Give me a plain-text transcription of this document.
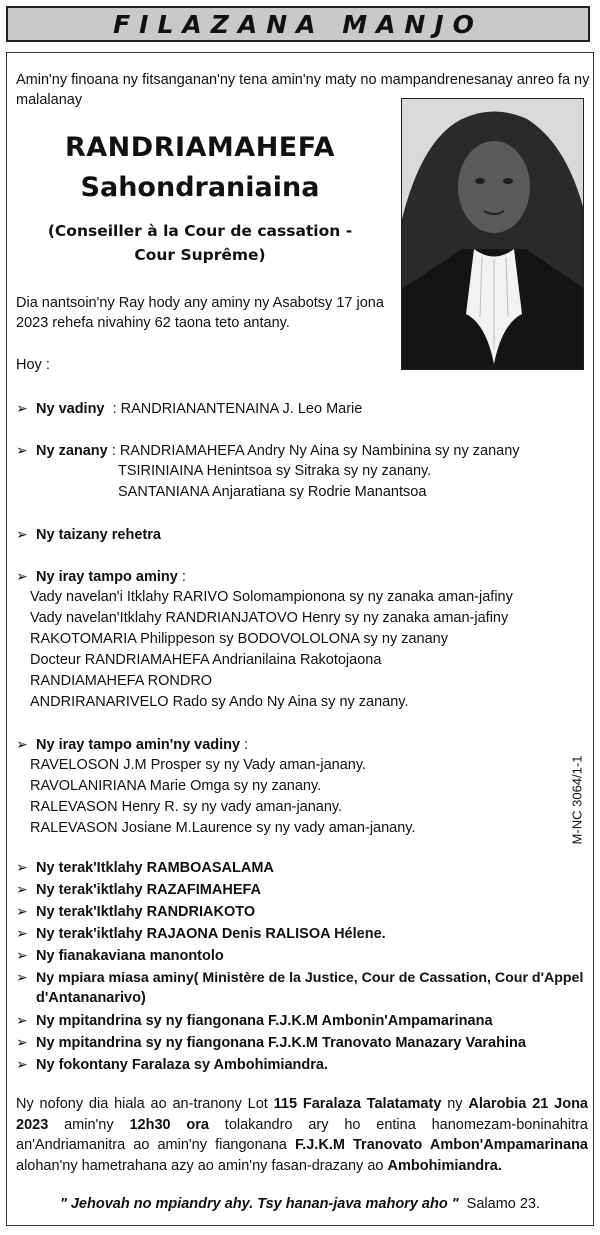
FILAZANA MANJO
Amin'ny finoana ny fitsanganan'ny tena amin'ny maty no mampandrenesanay anreo fa ny malalanay
RANDRIAMAHEFA
Sahondraniaina
(Conseiller à la Cour de cassation -
Cour Suprême)
Dia nantsoin'ny Ray hody any aminy ny Asabotsy 17 jona 2023 rehefa nivahiny 62 taona teto antany.
Hoy :
➢ Ny vadiny : RANDRIANANTENAINA J. Leo Marie
➢ Ny zanany : RANDRIAMAHEFA Andry Ny Aina sy Nambinina sy ny zanany
TSIRINIAINA Henintsoa sy Sitraka sy ny zanany.
SANTANIANA Anjaratiana sy Rodrie Manantsoa
➢ Ny taizany rehetra
➢ Ny iray tampo aminy :
Vady navelan'i Itklahy RARIVO Solomampionona sy ny zanaka aman-jafiny
Vady navelan'Itklahy RANDRIANJATOVO Henry sy ny zanaka aman-jafiny
RAKOTOMARIA Philippeson sy BODOVOLOLONA sy ny zanany
Docteur RANDRIAMAHEFA Andrianilaina Rakotojaona
RANDIAMAHEFA RONDRO
ANDRIRANARIVELO Rado sy Ando Ny Aina sy ny zanany.
➢ Ny iray tampo amin'ny vadiny :
RAVELOSON J.M Prosper sy ny Vady aman-janany.
RAVOLANIRIANA Marie Omga sy ny zanany.
RALEVASON Henry R. sy ny vady aman-janany.
RALEVASON Josiane M.Laurence sy ny vady aman-janany.	M-NC 3064/1-1
➢ Ny terak'Itklahy RAMBOASALAMA
➢ Ny terak'iktlahy RAZAFIMAHEFA
➢ Ny terak'Iktlahy RANDRIAKOTO
➢ Ny terak'iktlahy RAJAONA Denis RALISOA Hélene.
➢ Ny fianakaviana manontolo
➢ Ny mpiara miasa aminy( Ministère de la Justice, Cour de Cassation, Cour d'Appel
d'Antananarivo)
➢ Ny mpitandrina sy ny fiangonana F.J.K.M Ambonin'Ampamarinana
➢ Ny mpitandrina sy ny fiangonana F.J.K.M Tranovato Manazary Varahina
➢ Ny fokontany Faralaza sy Ambohimiandra.
Ny nofony dia hiala ao an-tranony Lot 115 Faralaza Talatamaty ny Alarobia 21 Jona 2023 amin'ny 12h30 ora tolakandro ary ho entina hanomezam-boninahitra an'Andriamanitra ao amin'ny fiangonana F.J.K.M Tranovato Ambon'Ampamarinana alohan'ny hametrahana azy ao amin'ny fasan-drazany ao Ambohimiandra.
" Jehovah no mpiandry ahy. Tsy hanan-java mahory aho " Salamo 23.
